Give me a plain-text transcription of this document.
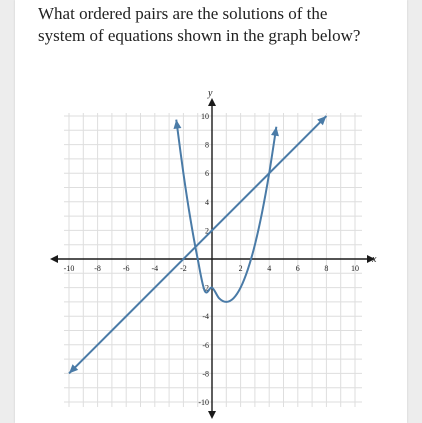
What ordered pairs are the solutions of the
system of equations shown in the graph below?

x
y
-10 -8	-6	-4	-2	2	4	6	8	10
10
8
6
4
2
-2
-4
-6
-8
-10
